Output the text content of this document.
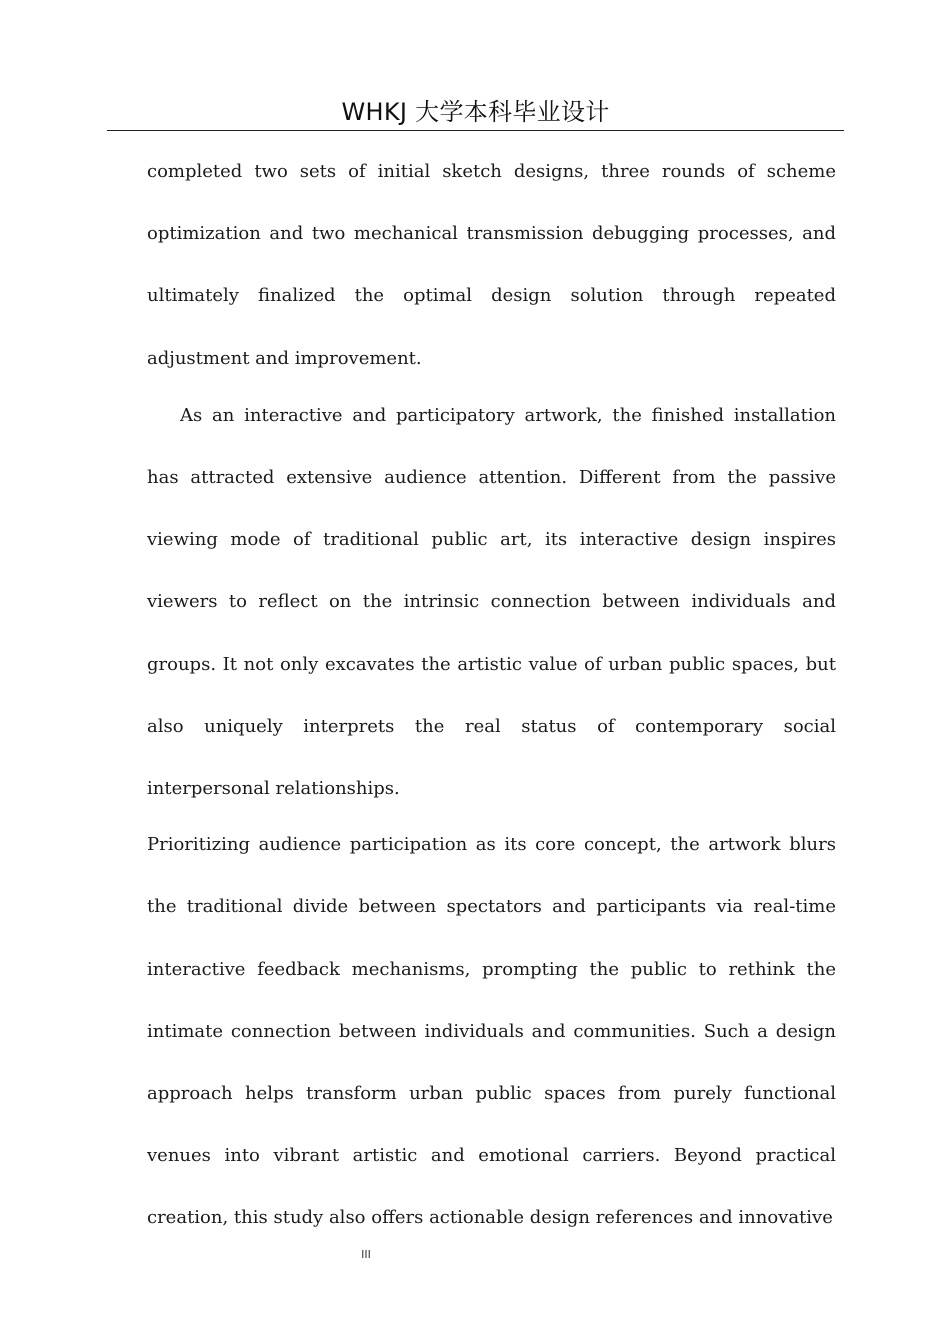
WHKJ 大学本科毕业设计

completed two sets of initial sketch designs, three rounds of scheme optimization and two mechanical transmission debugging processes, and ultimately finalized the optimal design solution through repeated adjustment and improvement.

As an interactive and participatory artwork, the finished installation has attracted extensive audience attention. Different from the passive viewing mode of traditional public art, its interactive design inspires viewers to reflect on the intrinsic connection between individuals and groups. It not only excavates the artistic value of urban public spaces, but also uniquely interprets the real status of contemporary social interpersonal relationships.

Prioritizing audience participation as its core concept, the artwork blurs the traditional divide between spectators and participants via real-time interactive feedback mechanisms, prompting the public to rethink the intimate connection between individuals and communities. Such a design approach helps transform urban public spaces from purely functional venues into vibrant artistic and emotional carriers. Beyond practical creation, this study also offers actionable design references and innovative

III
